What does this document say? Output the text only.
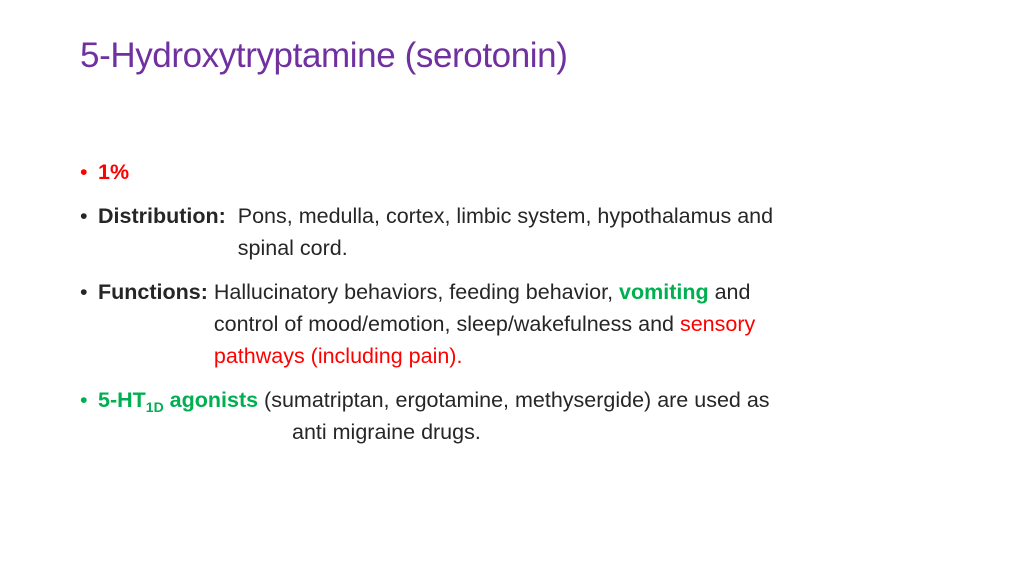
5-Hydroxytryptamine (serotonin)
• 1%
• Distribution: Pons, medulla, cortex, limbic system, hypothalamus and
spinal cord.
• Functions: Hallucinatory behaviors, feeding behavior, vomiting and
control of mood/emotion, sleep/wakefulness and sensory
pathways (including pain).
• $5-HT_{1D}$ agonists (sumatriptan, ergotamine, methysergide) are used as
anti migraine drugs.
